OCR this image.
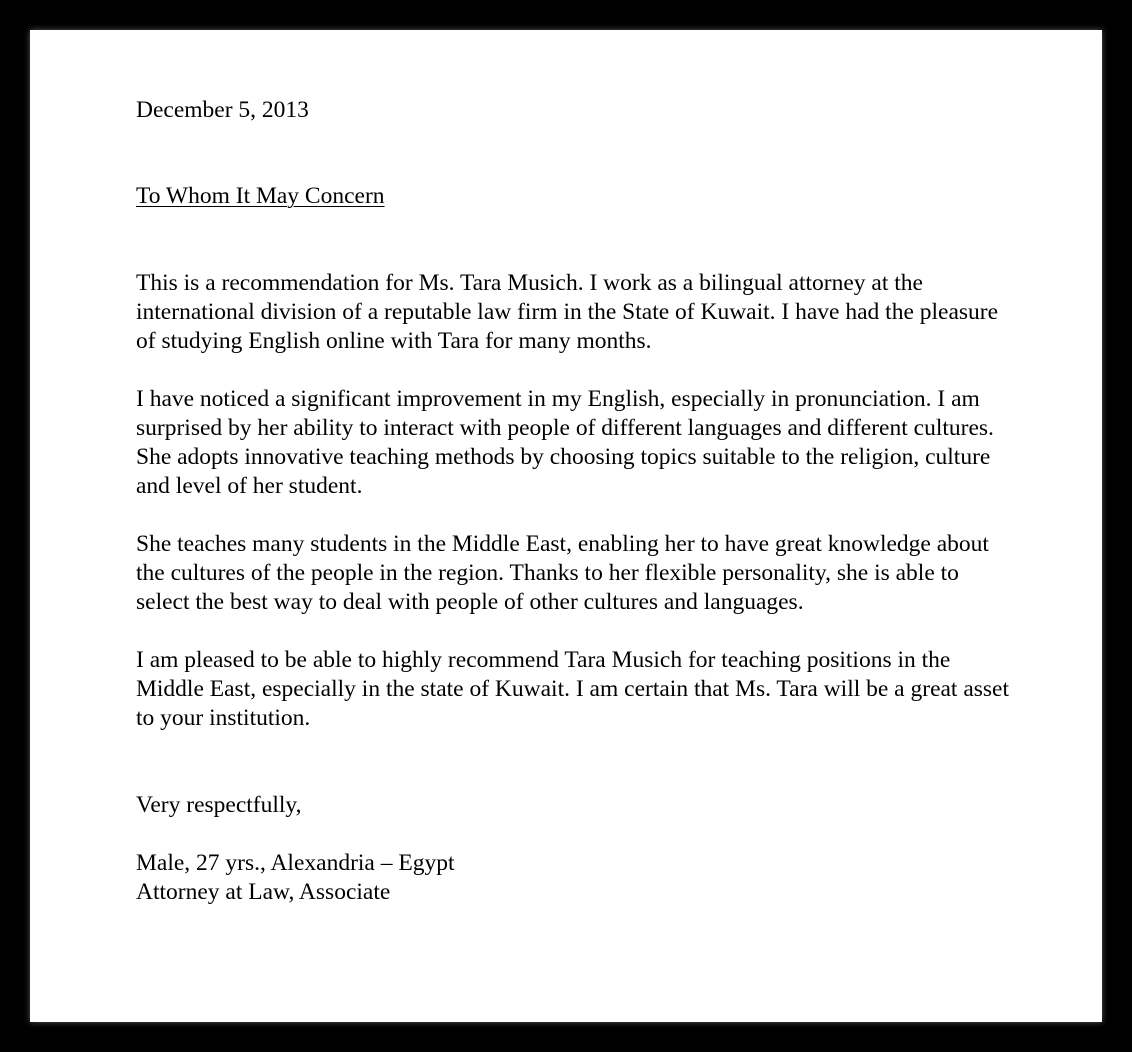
December 5, 2013

To Whom It May Concern

This is a recommendation for Ms. Tara Musich. I work as a bilingual attorney at the international division of a reputable law firm in the State of Kuwait. I have had the pleasure of studying English online with Tara for many months.

I have noticed a significant improvement in my English, especially in pronunciation. I am surprised by her ability to interact with people of different languages and different cultures. She adopts innovative teaching methods by choosing topics suitable to the religion, culture and level of her student.

She teaches many students in the Middle East, enabling her to have great knowledge about the cultures of the people in the region. Thanks to her flexible personality, she is able to select the best way to deal with people of other cultures and languages.

I am pleased to be able to highly recommend Tara Musich for teaching positions in the Middle East, especially in the state of Kuwait. I am certain that Ms. Tara will be a great asset to your institution.

Very respectfully,

Male, 27 yrs., Alexandria – Egypt
Attorney at Law, Associate
